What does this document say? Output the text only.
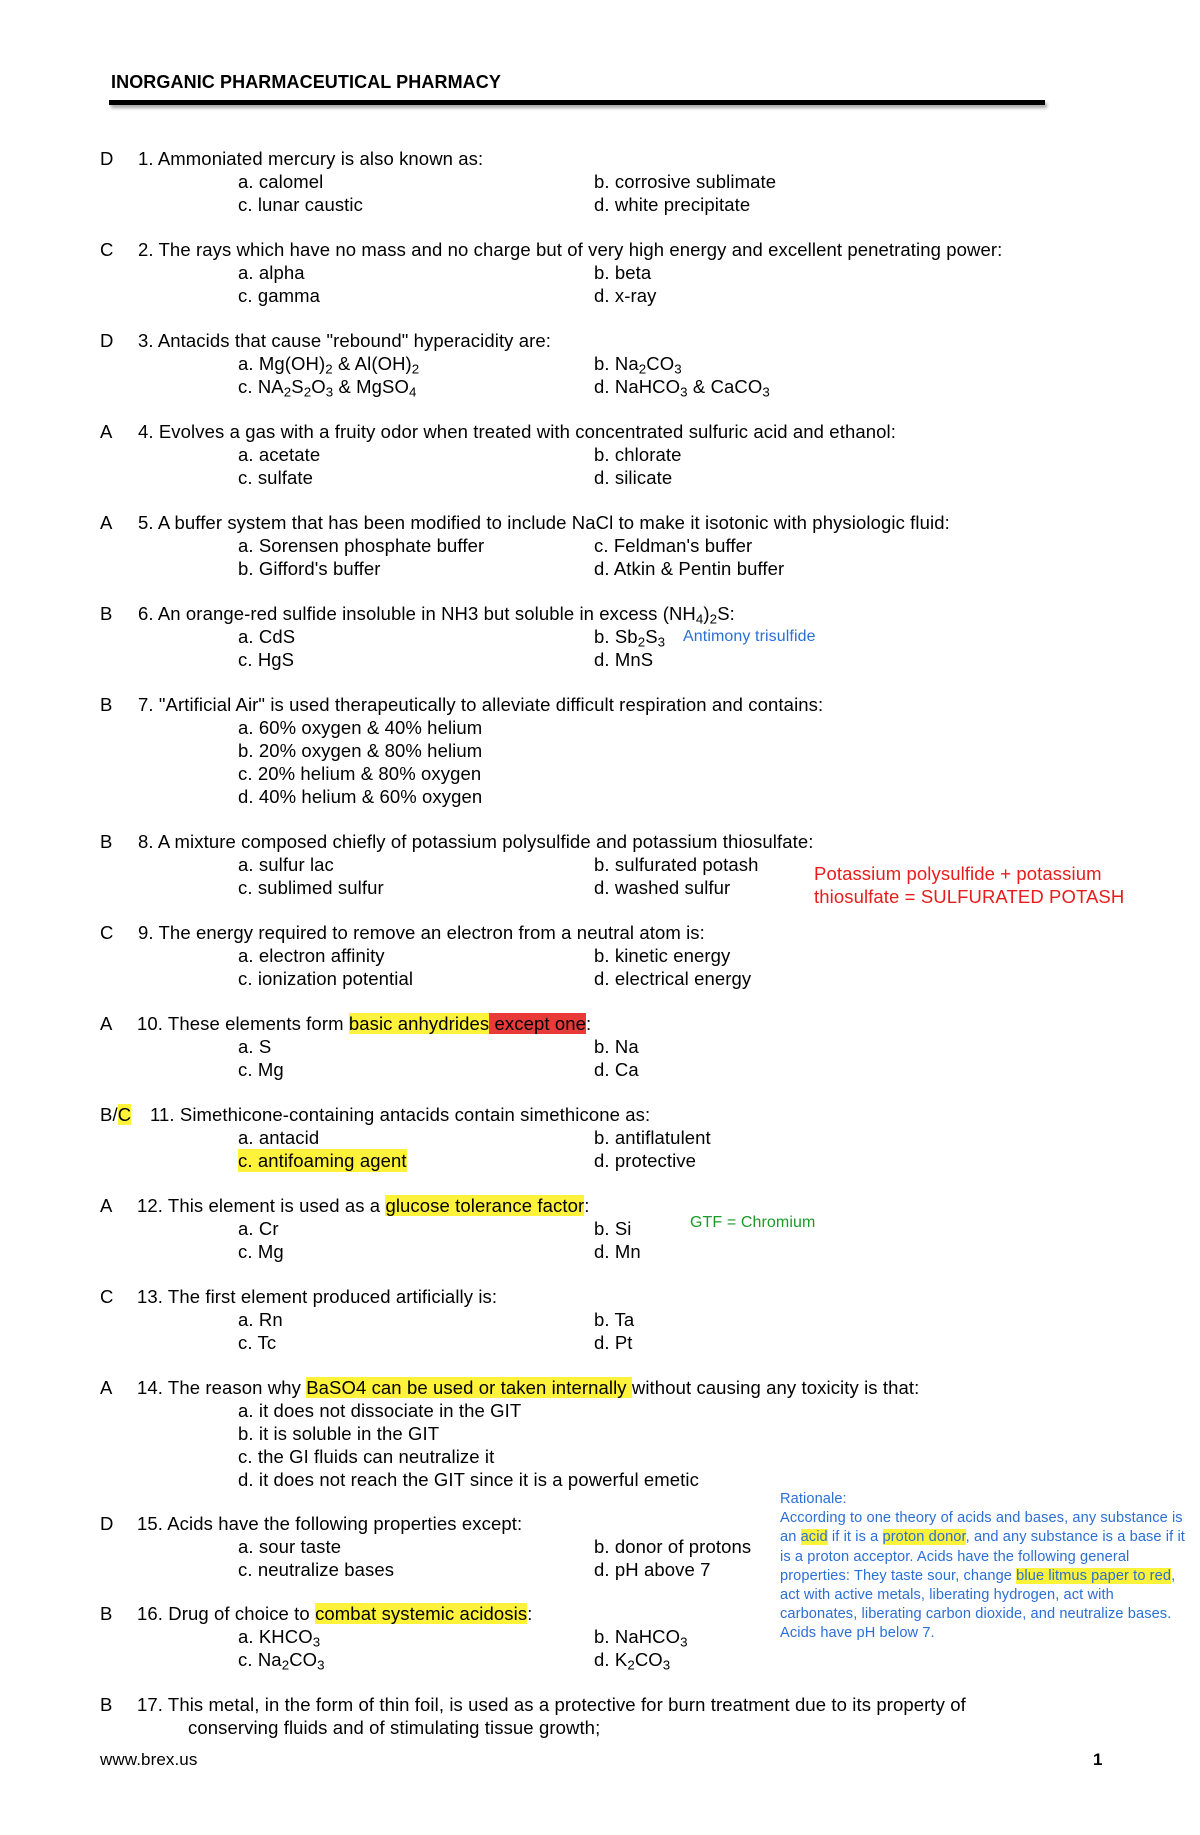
INORGANIC PHARMACEUTICAL PHARMACY
D 1. Ammoniated mercury is also known as:
a. calomel	b. corrosive sublimate
c. lunar caustic	d. white precipitate
C 2. The rays which have no mass and no charge but of very high energy and excellent penetrating power:
a. alpha	b. beta
c. gamma	d. x-ray
D 3. Antacids that cause "rebound" hyperacidity are:
a. $Mg(OH)_2$ & $Al(OH)_2$	b. $Na_2CO_3$
c. $NA_2S_2O_3$ & MgSO$_4$	d. NaHCO$_3$ & CaCO$_3$
A 4. Evolves a gas with a fruity odor when treated with concentrated sulfuric acid and ethanol:
a. acetate	b. chlorate
c. sulfate	d. silicate
A 5. A buffer system that has been modified to include NaCl to make it isotonic with physiologic fluid:
a. Sorensen phosphate buffer	c. Feldman's buffer
b. Gifford's buffer	d. Atkin & Pentin buffer
B 6. An orange-red sulfide insoluble in NH3 but soluble in excess $(NH_4)_2S$:
a. CdS	b. $Sb_2S_3$
c. HgS	d. MnS
Antimony trisulfide
B 7. "Artificial Air" is used therapeutically to alleviate difficult respiration and contains:
a. 60% oxygen & 40% helium
b. 20% oxygen & 80% helium
c. 20% helium & 80% oxygen
d. 40% helium & 60% oxygen
B 8. A mixture composed chiefly of potassium polysulfide and potassium thiosulfate:
a. sulfur lac	b. sulfurated potash
c. sublimed sulfur	d. washed sulfur
Potassium polysulfide + potassium
thiosulfate = SULFURATED POTASH
C 9. The energy required to remove an electron from a neutral atom is:
a. electron affinity	b. kinetic energy
c. ionization potential	d. electrical energy
A 10. These elements form basic anhydrides except one:
a. S	b. Na
c. Mg	d. Ca
B/C 11. Simethicone-containing antacids contain simethicone as:
a. antacid	b. antiflatulent
c. antifoaming agent	d. protective
A 12. This element is used as a glucose tolerance factor:
a. Cr	b. Si
c. Mg	d. Mn
GTF = Chromium
C 13. The first element produced artificially is:
a. Rn	b. Ta
c. Tc	d. Pt
A 14. The reason why BaSO4 can be used or taken internally without causing any toxicity is that:
a. it does not dissociate in the GIT
b. it is soluble in the GIT
c. the GI fluids can neutralize it
d. it does not reach the GIT since it is a powerful emetic
D 15. Acids have the following properties except:
a. sour taste	b. donor of protons
c. neutralize bases	d. pH above 7
B 16. Drug of choice to combat systemic acidosis:
a. $KHCO_3$	b. NaHCO$_3$
c. $Na_2CO_3$	d. $K_2CO_3$
Rationale:
According to one theory of acids and bases, any substance is an acid if it is a proton donor, and any substance is a base if it is a proton acceptor. Acids have the following general properties: They taste sour, change blue litmus paper to red, act with active metals, liberating hydrogen, act with carbonates, liberating carbon dioxide, and neutralize bases. Acids have pH below 7.
B 17. This metal, in the form of thin foil, is used as a protective for burn treatment due to its property of
conserving fluids and of stimulating tissue growth;
www.brex.us	1
